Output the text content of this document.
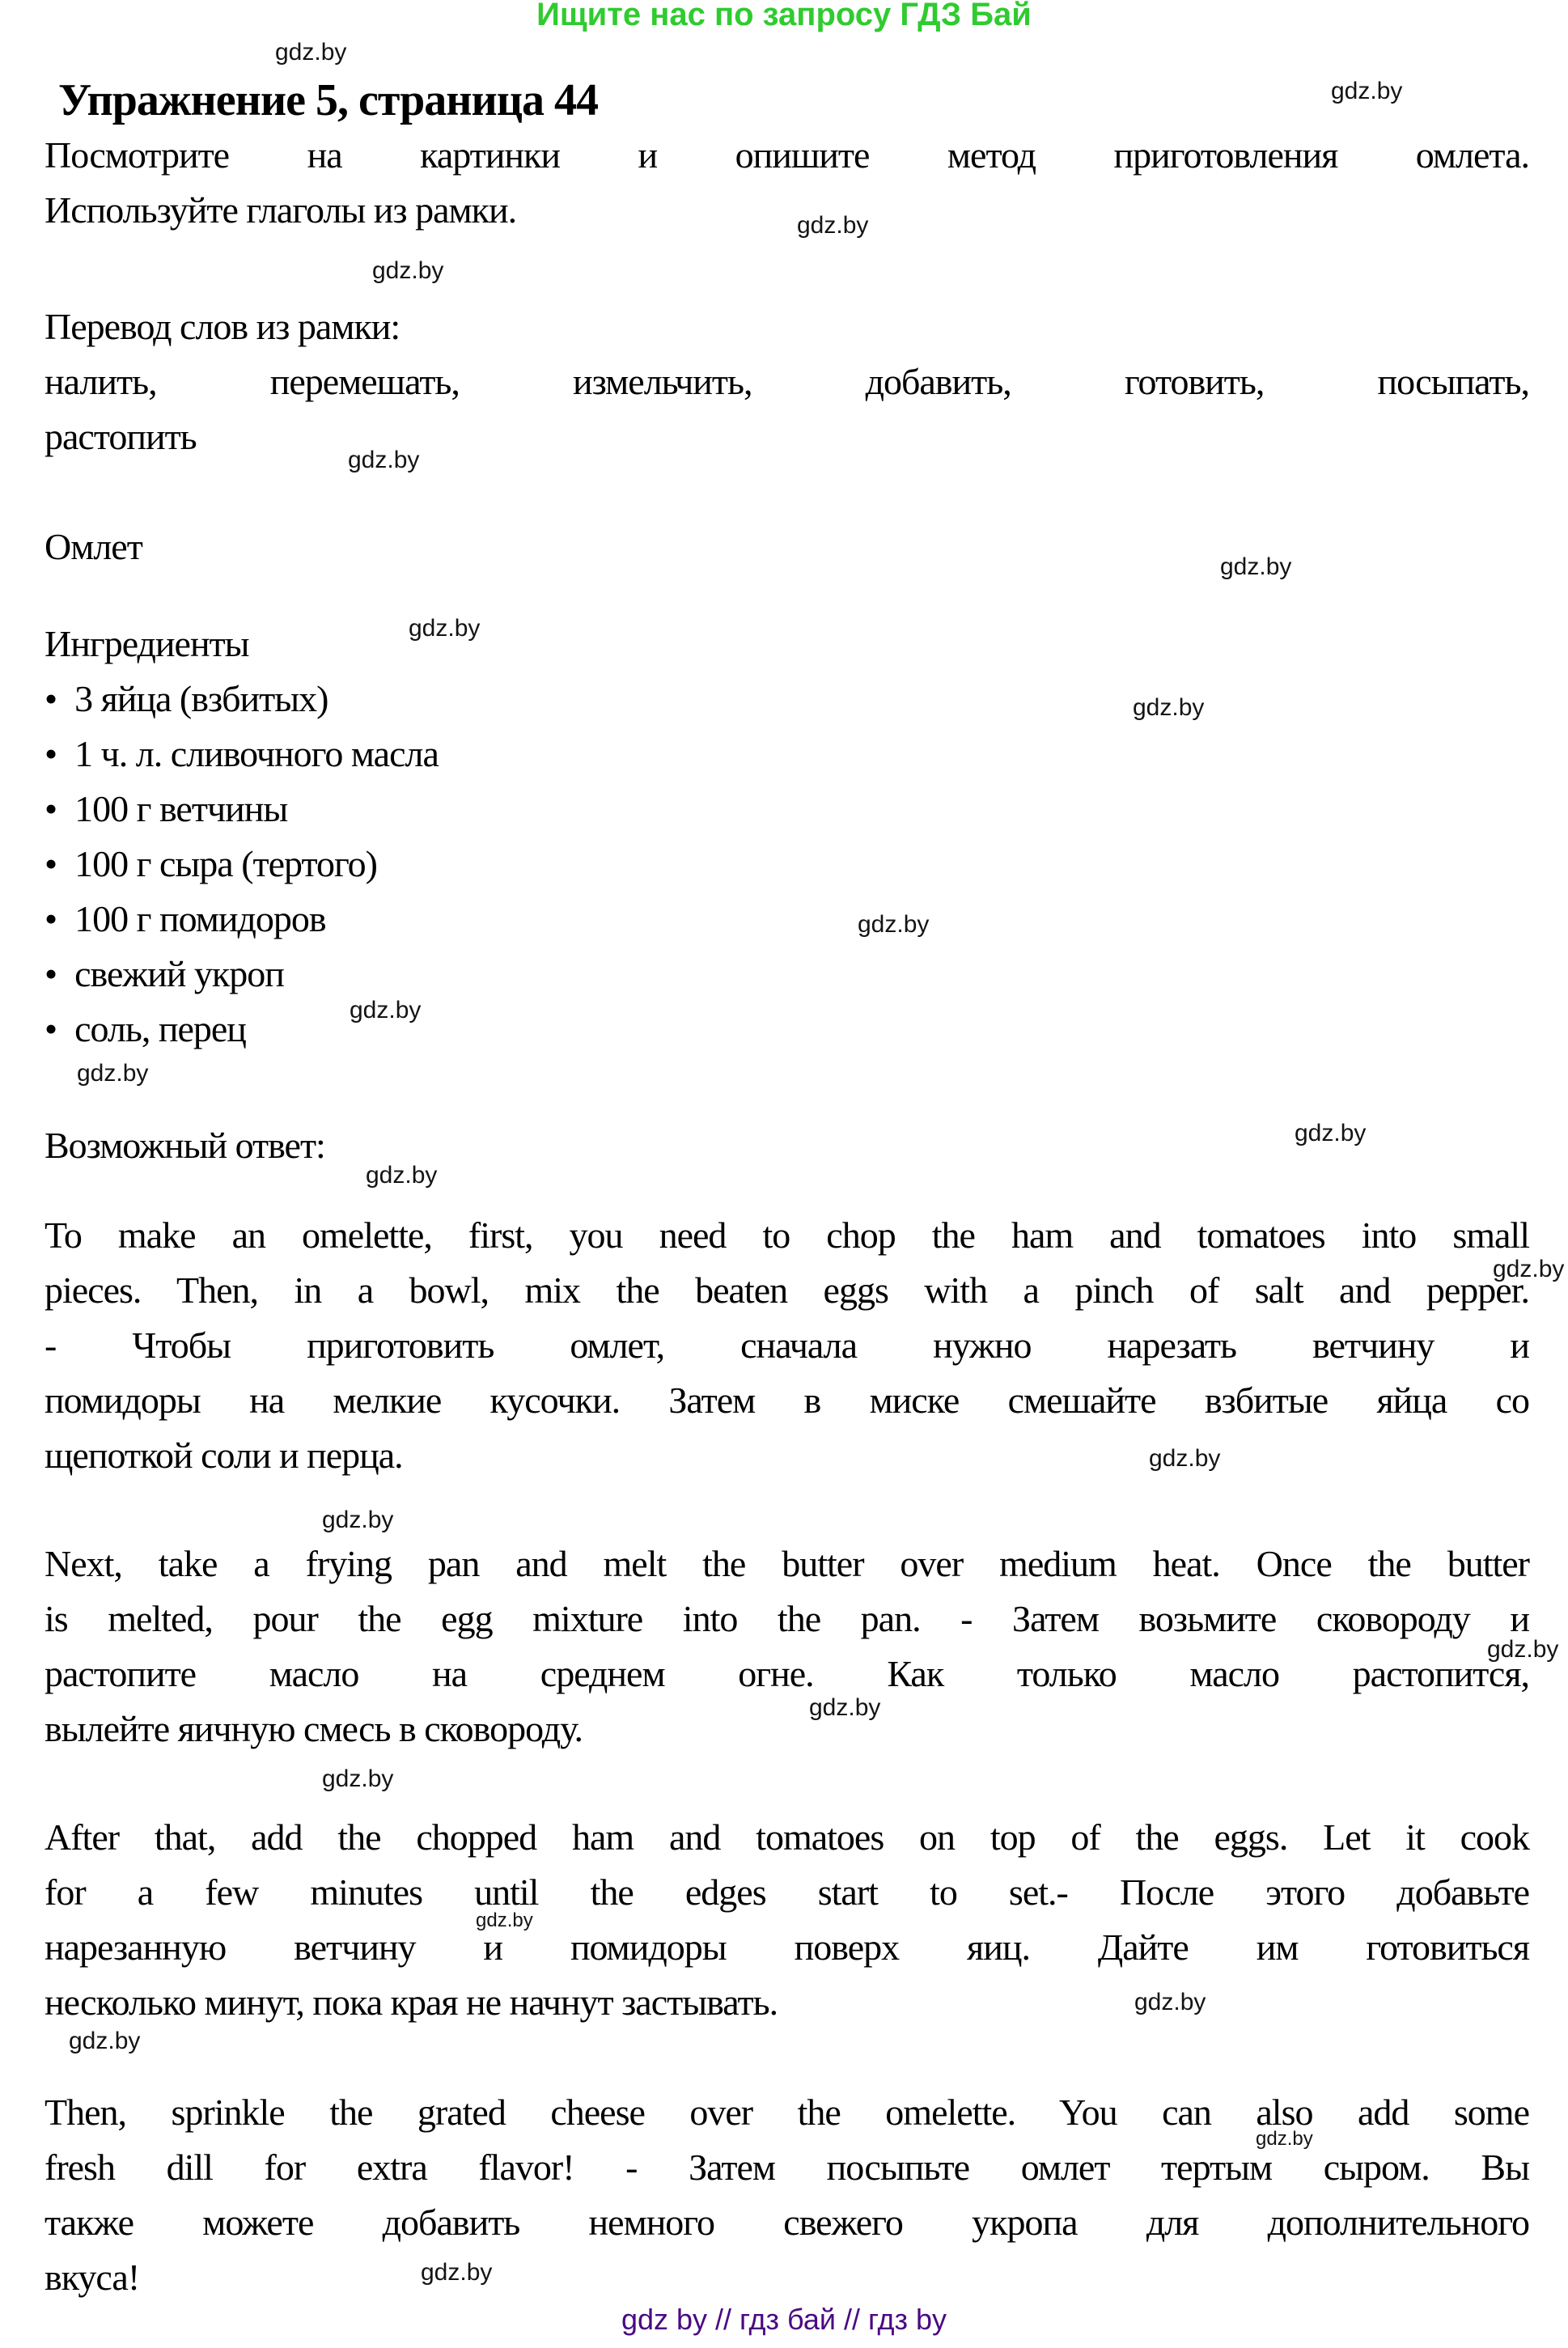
Ищите нас по запросу ГДЗ Бай
gdz.by
gdz.by
gdz.by
gdz.by
gdz.by
gdz.by
gdz.by
gdz.by
gdz.by
gdz.by
gdz.by
gdz.by
gdz.by
gdz.by
gdz.by
gdz.by
gdz.by
gdz.by
gdz.by
gdz.by
gdz.by
gdz.by
gdz.by
gdz.by
Упражнение 5, страница 44
Посмотрите на картинки и опишите метод приготовления омлета.
Используйте глаголы из рамки.
Перевод слов из рамки:
налить, перемешать, измельчить, добавить, готовить, посыпать,
растопить
Омлет
Ингредиенты
• 3 яйца (взбитых)
• 1 ч. л. сливочного масла
• 100 г ветчины
• 100 г сыра (тертого)
• 100 г помидоров
• свежий укроп
• соль, перец
Возможный ответ:
To make an omelette, first, you need to chop the ham and tomatoes into small
pieces. Then, in a bowl, mix the beaten eggs with a pinch of salt and pepper.
- Чтобы приготовить омлет, сначала нужно нарезать ветчину и
помидоры на мелкие кусочки. Затем в миске смешайте взбитые яйца со
щепоткой соли и перца.
Next, take a frying pan and melt the butter over medium heat. Once the butter
is melted, pour the egg mixture into the pan. - Затем возьмите сковороду и
растопите масло на среднем огне. Как только масло растопится,
вылейте яичную смесь в сковороду.
After that, add the chopped ham and tomatoes on top of the eggs. Let it cook
for a few minutes until the edges start to set.- После этого добавьте
нарезанную ветчину и помидоры поверх яиц. Дайте им готовиться
несколько минут, пока края не начнут застывать.
Then, sprinkle the grated cheese over the omelette. You can also add some
fresh dill for extra flavor! - Затем посыпьте омлет тертым сыром. Вы
также можете добавить немного свежего укропа для дополнительного
вкуса!
gdz by // гдз бай // гдз by
